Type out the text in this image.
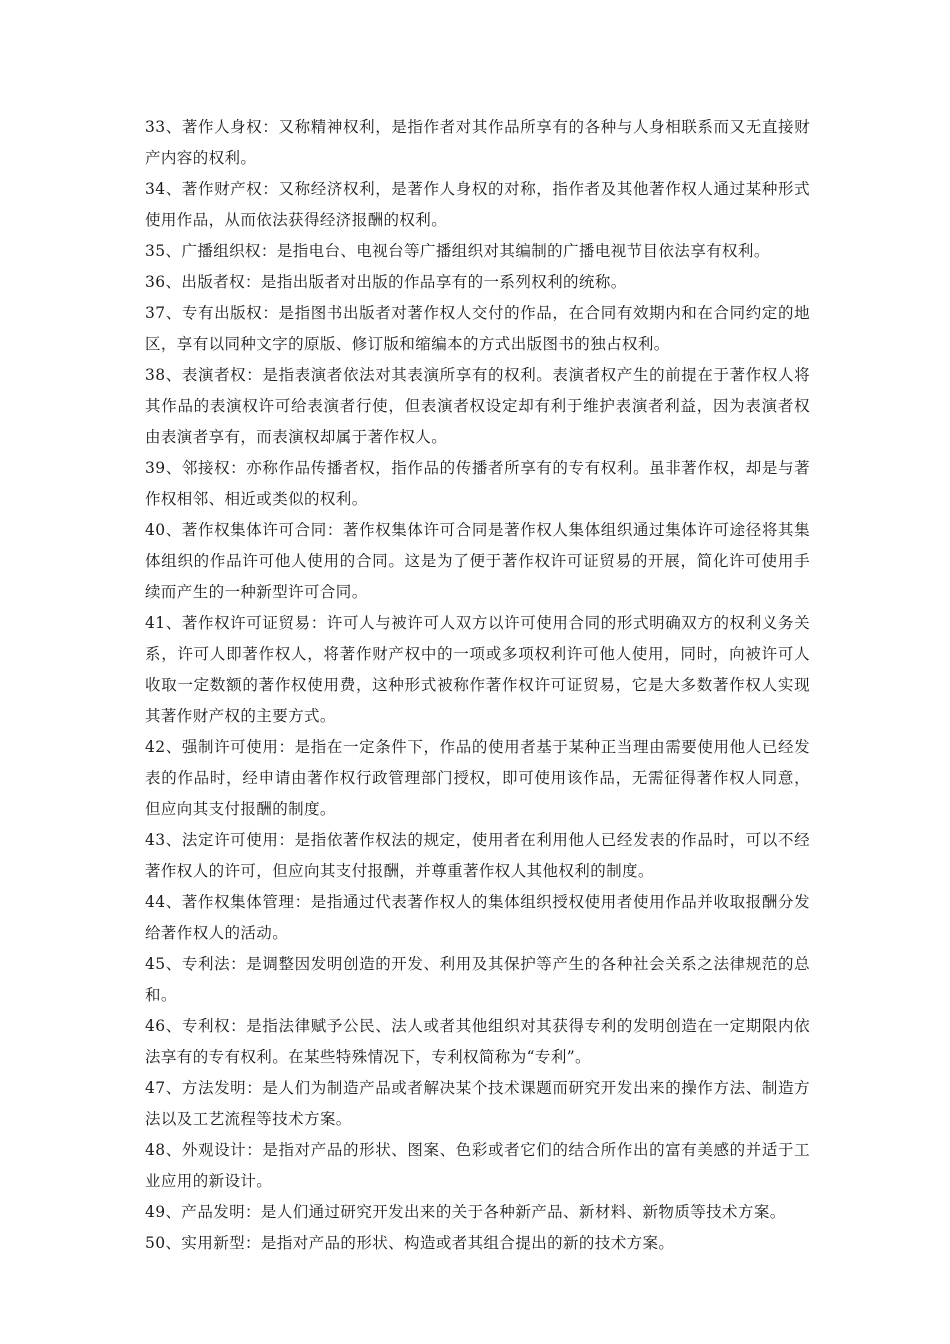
33、著作人身权：又称精神权利，是指作者对其作品所享有的各种与人身相联系而又无直接财产内容的权利。

34、著作财产权：又称经济权利，是著作人身权的对称，指作者及其他著作权人通过某种形式使用作品，从而依法获得经济报酬的权利。

35、广播组织权：是指电台、电视台等广播组织对其编制的广播电视节目依法享有权利。

36、出版者权：是指出版者对出版的作品享有的一系列权利的统称。

37、专有出版权：是指图书出版者对著作权人交付的作品，在合同有效期内和在合同约定的地区，享有以同种文字的原版、修订版和缩编本的方式出版图书的独占权利。

38、表演者权：是指表演者依法对其表演所享有的权利。表演者权产生的前提在于著作权人将其作品的表演权许可给表演者行使，但表演者权设定却有利于维护表演者利益，因为表演者权由表演者享有，而表演权却属于著作权人。

39、邻接权：亦称作品传播者权，指作品的传播者所享有的专有权利。虽非著作权，却是与著作权相邻、相近或类似的权利。

40、著作权集体许可合同：著作权集体许可合同是著作权人集体组织通过集体许可途径将其集体组织的作品许可他人使用的合同。这是为了便于著作权许可证贸易的开展，简化许可使用手续而产生的一种新型许可合同。

41、著作权许可证贸易：许可人与被许可人双方以许可使用合同的形式明确双方的权利义务关系，许可人即著作权人，将著作财产权中的一项或多项权利许可他人使用，同时，向被许可人收取一定数额的著作权使用费，这种形式被称作著作权许可证贸易，它是大多数著作权人实现其著作财产权的主要方式。

42、强制许可使用：是指在一定条件下，作品的使用者基于某种正当理由需要使用他人已经发表的作品时，经申请由著作权行政管理部门授权，即可使用该作品，无需征得著作权人同意，但应向其支付报酬的制度。

43、法定许可使用：是指依著作权法的规定，使用者在利用他人已经发表的作品时，可以不经著作权人的许可，但应向其支付报酬，并尊重著作权人其他权利的制度。

44、著作权集体管理：是指通过代表著作权人的集体组织授权使用者使用作品并收取报酬分发给著作权人的活动。

45、专利法：是调整因发明创造的开发、利用及其保护等产生的各种社会关系之法律规范的总和。

46、专利权：是指法律赋予公民、法人或者其他组织对其获得专利的发明创造在一定期限内依法享有的专有权利。在某些特殊情况下，专利权简称为“专利”。

47、方法发明：是人们为制造产品或者解决某个技术课题而研究开发出来的操作方法、制造方法以及工艺流程等技术方案。

48、外观设计：是指对产品的形状、图案、色彩或者它们的结合所作出的富有美感的并适于工业应用的新设计。

49、产品发明：是人们通过研究开发出来的关于各种新产品、新材料、新物质等技术方案。

50、实用新型：是指对产品的形状、构造或者其组合提出的新的技术方案。
